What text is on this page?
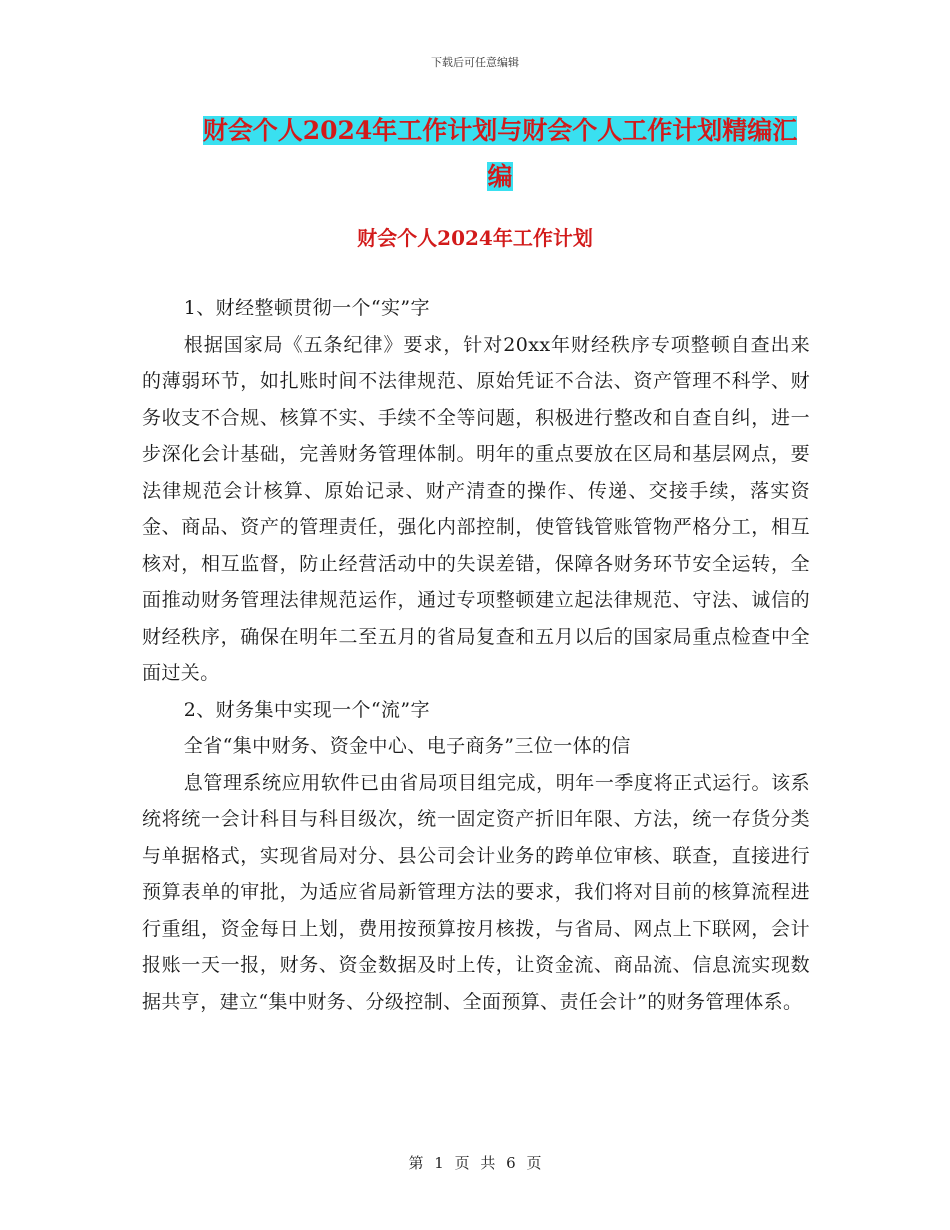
下载后可任意编辑
财会个人2024年工作计划与财会个人工作计划精编汇
编
财会个人2024年工作计划

1、财经整顿贯彻一个“实”字

根据国家局《五条纪律》要求，针对20xx年财经秩序专项整顿自查出来的薄弱环节，如扎账时间不法律规范、原始凭证不合法、资产管理不科学、财务收支不合规、核算不实、手续不全等问题，积极进行整改和自查自纠，进一步深化会计基础，完善财务管理体制。明年的重点要放在区局和基层网点，要法律规范会计核算、原始记录、财产清查的操作、传递、交接手续，落实资金、商品、资产的管理责任，强化内部控制，使管钱管账管物严格分工，相互核对，相互监督，防止经营活动中的失误差错，保障各财务环节安全运转，全面推动财务管理法律规范运作，通过专项整顿建立起法律规范、守法、诚信的财经秩序，确保在明年二至五月的省局复查和五月以后的国家局重点检查中全面过关。

2、财务集中实现一个“流”字

全省“集中财务、资金中心、电子商务”三位一体的信

息管理系统应用软件已由省局项目组完成，明年一季度将正式运行。该系统将统一会计科目与科目级次，统一固定资产折旧年限、方法，统一存货分类与单据格式，实现省局对分、县公司会计业务的跨单位审核、联查，直接进行预算表单的审批，为适应省局新管理方法的要求，我们将对目前的核算流程进行重组，资金每日上划，费用按预算按月核拨，与省局、网点上下联网，会计报账一天一报，财务、资金数据及时上传，让资金流、商品流、信息流实现数据共亨，建立“集中财务、分级控制、全面预算、责任会计”的财务管理体系。

第 1 页 共 6 页
